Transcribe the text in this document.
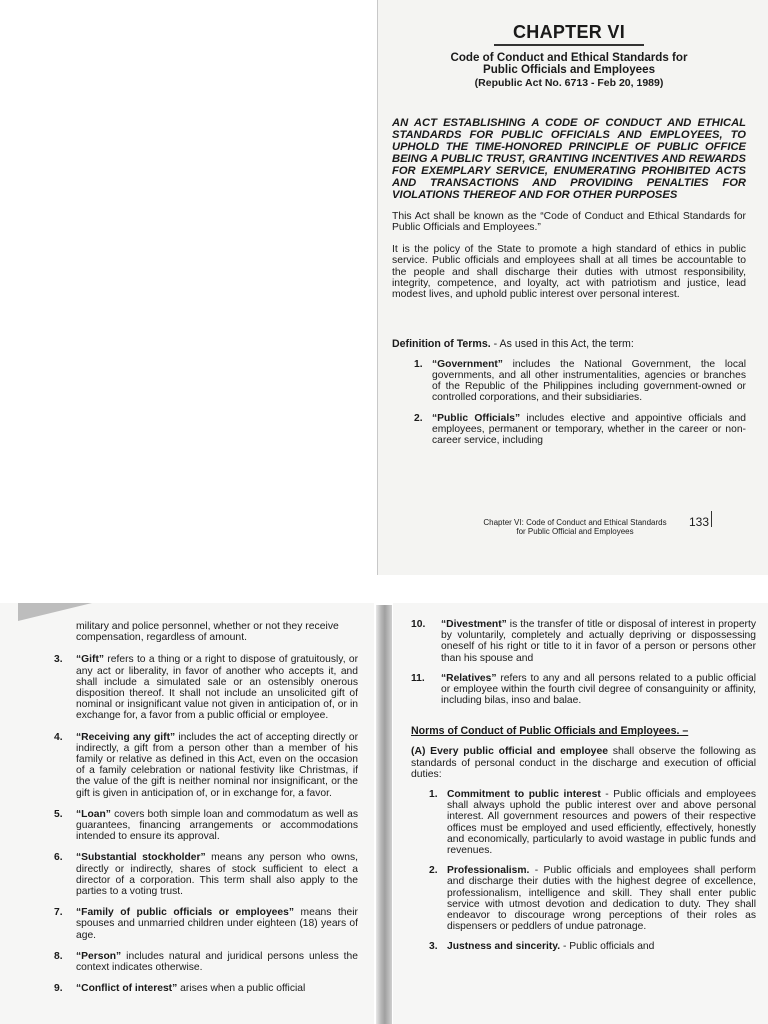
CHAPTER VI

Code of Conduct and Ethical Standards for

Public Officials and Employees

(Republic Act No. 6713 - Feb 20, 1989)

AN ACT ESTABLISHING A CODE OF CONDUCT AND ETHICAL STANDARDS FOR PUBLIC OFFICIALS AND EMPLOYEES, TO UPHOLD THE TIME-HONORED PRINCIPLE OF PUBLIC OFFICE BEING A PUBLIC TRUST, GRANTING INCENTIVES AND REWARDS FOR EXEMPLARY SERVICE, ENUMERATING PROHIBITED ACTS AND TRANSACTIONS AND PROVIDING PENALTIES FOR VIOLATIONS THEREOF AND FOR OTHER PURPOSES

This Act shall be known as the “Code of Conduct and Ethical Standards for Public Officials and Employees.”

It is the policy of the State to promote a high standard of ethics in public service. Public officials and employees shall at all times be accountable to the people and shall discharge their duties with utmost responsibility, integrity, competence, and loyalty, act with patriotism and justice, lead modest lives, and uphold public interest over personal interest.

Definition of Terms. - As used in this Act, the term:

1. “Government” includes the National Government, the local governments, and all other instrumentalities, agencies or branches of the Republic of the Philippines including government-owned or controlled corporations, and their subsidiaries.
2. “Public Officials” includes elective and appointive officials and employees, permanent or temporary, whether in the career or non-career service, including
Chapter VI: Code of Conduct and Ethical Standards
for Public Official and Employees
133

military and police personnel, whether or not they receive compensation, regardless of amount.

3. “Gift” refers to a thing or a right to dispose of gratuitously, or any act or liberality, in favor of another who accepts it, and shall include a simulated sale or an ostensibly onerous disposition thereof. It shall not include an unsolicited gift of nominal or insignificant value not given in anticipation of, or in exchange for, a favor from a public official or employee.
4. “Receiving any gift” includes the act of accepting directly or indirectly, a gift from a person other than a member of his family or relative as defined in this Act, even on the occasion of a family celebration or national festivity like Christmas, if the value of the gift is neither nominal nor insignificant, or the gift is given in anticipation of, or in exchange for, a favor.
5. “Loan” covers both simple loan and commodatum as well as guarantees, financing arrangements or accommodations intended to ensure its approval.
6. “Substantial stockholder” means any person who owns, directly or indirectly, shares of stock sufficient to elect a director of a corporation. This term shall also apply to the parties to a voting trust.
7. “Family of public officials or employees” means their spouses and unmarried children under eighteen (18) years of age.
8. “Person” includes natural and juridical persons unless the context indicates otherwise.
9. “Conflict of interest” arises when a public official
10. “Divestment” is the transfer of title or disposal of interest in property by voluntarily, completely and actually depriving or dispossessing oneself of his right or title to it in favor of a person or persons other than his spouse and
11. “Relatives” refers to any and all persons related to a public official or employee within the fourth civil degree of consanguinity or affinity, including bilas, inso and balae.

Norms of Conduct of Public Officials and Employees. –

(A) Every public official and employee shall observe the following as standards of personal conduct in the discharge and execution of official duties:

1. Commitment to public interest - Public officials and employees shall always uphold the public interest over and above personal interest. All government resources and powers of their respective offices must be employed and used efficiently, effectively, honestly and economically, particularly to avoid wastage in public funds and revenues.
2. Professionalism. - Public officials and employees shall perform and discharge their duties with the highest degree of excellence, professionalism, intelligence and skill. They shall enter public service with utmost devotion and dedication to duty. They shall endeavor to discourage wrong perceptions of their roles as dispensers or peddlers of undue patronage.
3. Justness and sincerity. - Public officials and
